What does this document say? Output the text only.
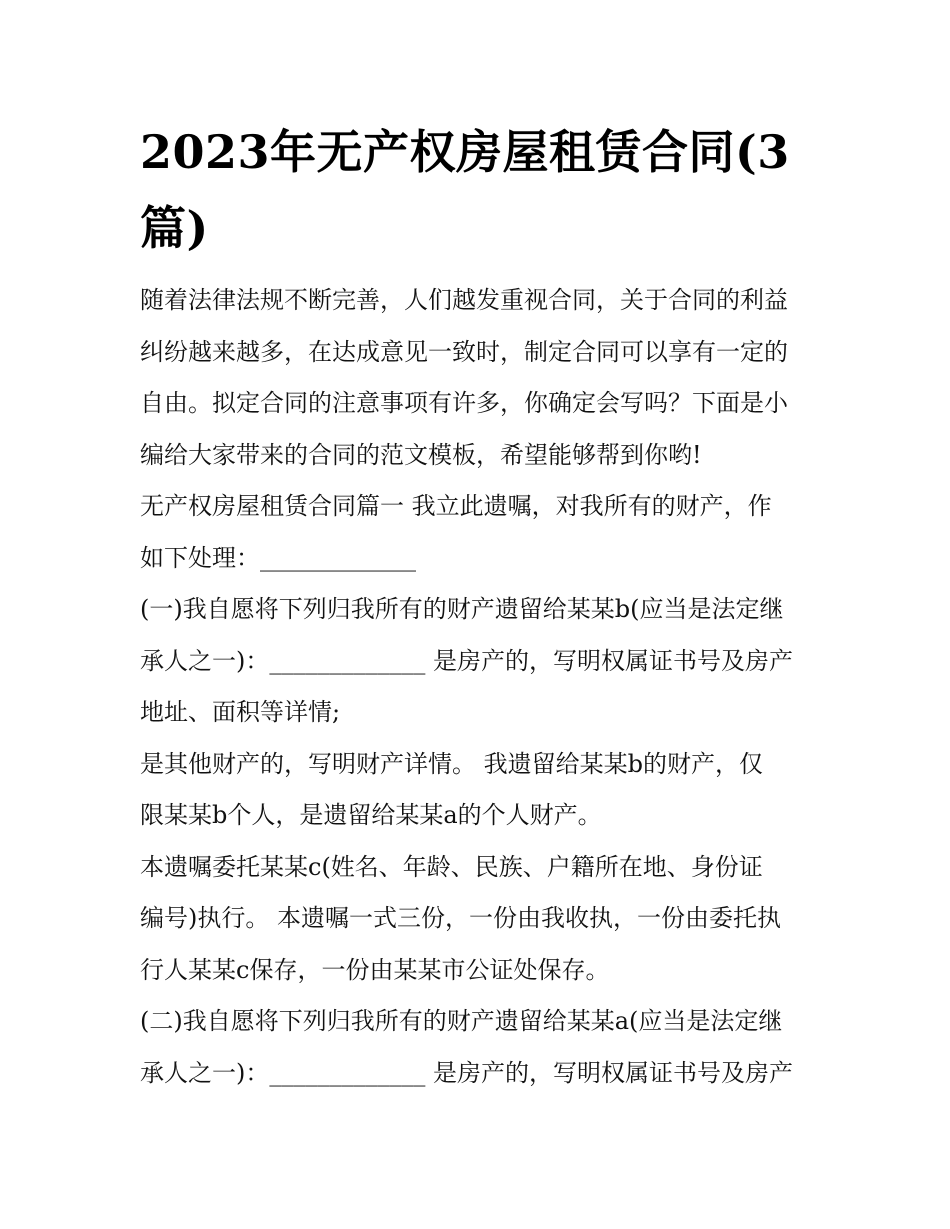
2023年无产权房屋租赁合同(3
篇)
随着法律法规不断完善，人们越发重视合同，关于合同的利益
纠纷越来越多，在达成意见一致时，制定合同可以享有一定的
自由。拟定合同的注意事项有许多，你确定会写吗？下面是小
编给大家带来的合同的范文模板，希望能够帮到你哟!
无产权房屋租赁合同篇一 我立此遗嘱，对我所有的财产，作
如下处理：_____________
(一)我自愿将下列归我所有的财产遗留给某某b(应当是法定继
承人之一)：_____________ 是房产的，写明权属证书号及房产
地址、面积等详情;
是其他财产的，写明财产详情。 我遗留给某某b的财产，仅
限某某b个人，是遗留给某某a的个人财产。
本遗嘱委托某某c(姓名、年龄、民族、户籍所在地、身份证
编号)执行。 本遗嘱一式三份，一份由我收执，一份由委托执
行人某某c保存，一份由某某市公证处保存。
(二)我自愿将下列归我所有的财产遗留给某某a(应当是法定继
承人之一)：_____________ 是房产的，写明权属证书号及房产
